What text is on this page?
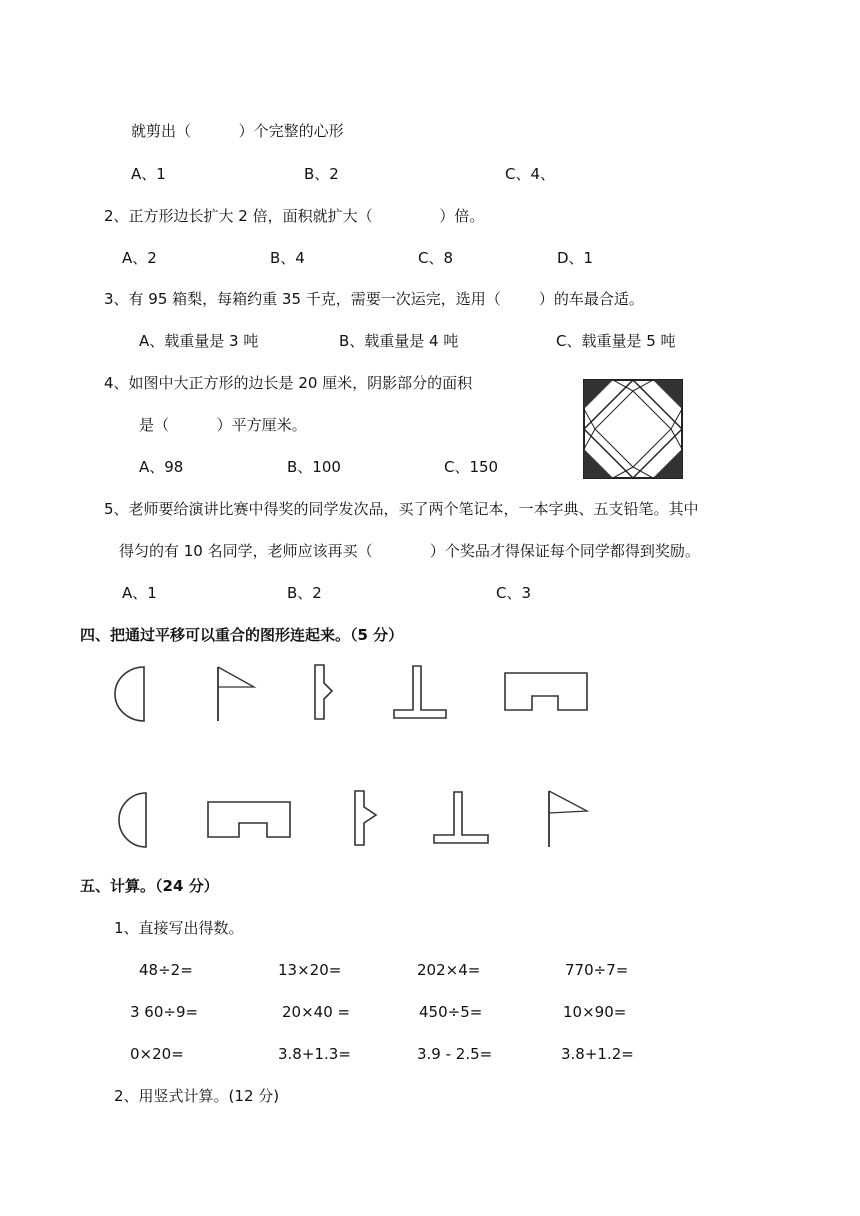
就剪出（          ）个完整的心形
A、1	B、2	C、4、
2、正方形边长扩大 2 倍，面积就扩大（              ）倍。
A、2	B、4	C、8	D、1
3、有 95 箱梨，每箱约重 35 千克，需要一次运完，选用（        ）的车最合适。
A、载重量是 3 吨	B、载重量是 4 吨	C、载重量是 5 吨
4、如图中大正方形的边长是 20 厘米，阴影部分的面积
是（          ）平方厘米。
A、98	B、100	C、150
5、老师要给演讲比赛中得奖的同学发次品，买了两个笔记本，一本字典、五支铅笔。其中
得匀的有 10 名同学，老师应该再买（            ）个奖品才得保证每个同学都得到奖励。
A、1	B、2	C、3
四、把通过平移可以重合的图形连起来。（5 分）
五、计算。（24 分）
1、直接写出得数。
48÷2=	13×20=	202×4=	770÷7=
3 60÷9=	20×40 =	450÷5=	10×90=
0×20=	3.8+1.3=	3.9 - 2.5=	3.8+1.2=
2、用竖式计算。(12 分)
